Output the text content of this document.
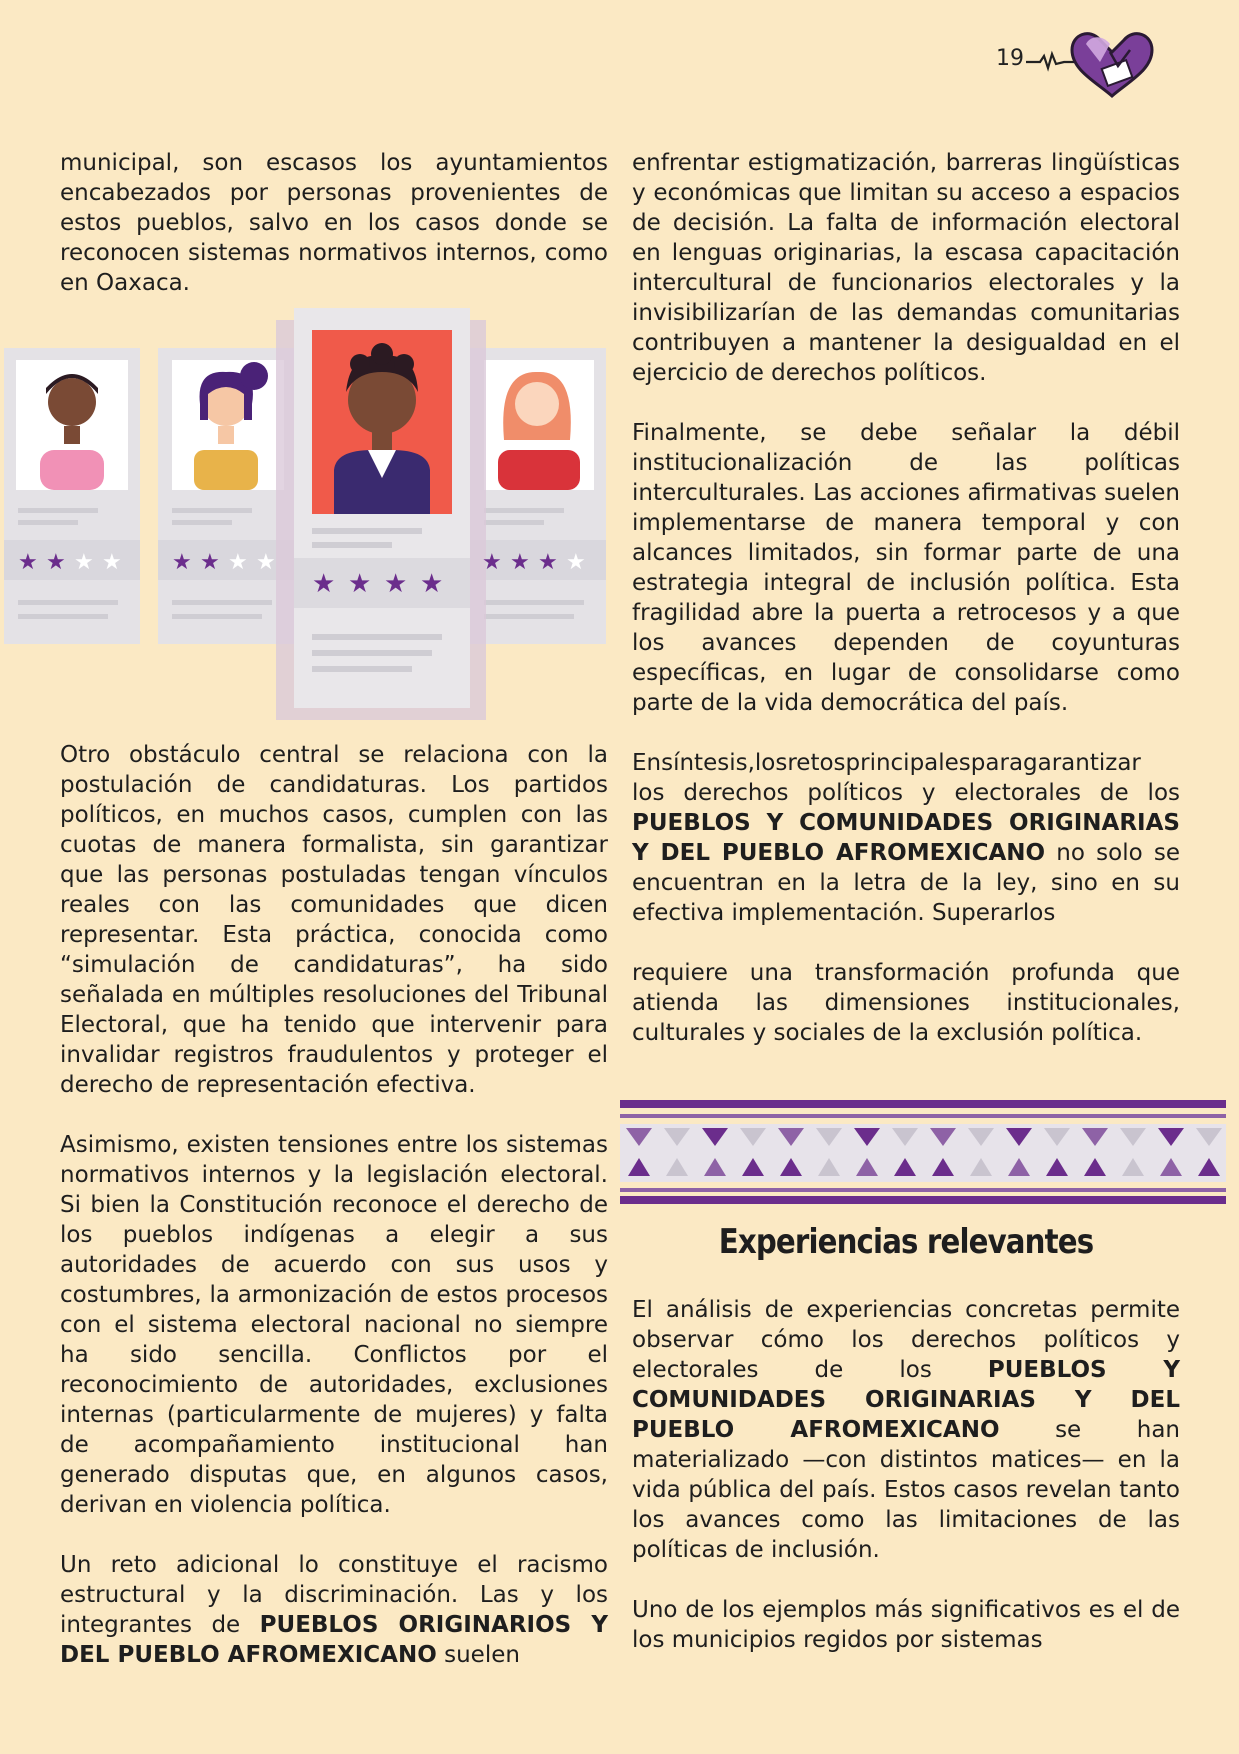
19

municipal, son escasos los ayuntamientos encabezados por personas provenientes de estos pueblos, salvo en los casos donde se reconocen sistemas normativos internos, como en Oaxaca.

★ ★ ★ ★ ★ ★ ★ ★
★ ★ ★ ★
★ ★ ★ ★

Otro obstáculo central se relaciona con la postulación de candidaturas. Los partidos políticos, en muchos casos, cumplen con las cuotas de manera formalista, sin garantizar que las personas postuladas tengan vínculos reales con las comunidades que dicen representar. Esta práctica, conocida como “simulación de candidaturas”, ha sido señalada en múltiples resoluciones del Tribunal Electoral, que ha tenido que intervenir para invalidar registros fraudulentos y proteger el derecho de representación efectiva.

Asimismo, existen tensiones entre los sistemas normativos internos y la legislación electoral. Si bien la Constitución reconoce el derecho de los pueblos indígenas a elegir a sus autoridades de acuerdo con sus usos y costumbres, la armonización de estos procesos con el sistema electoral nacional no siempre ha sido sencilla. Conflictos por el reconocimiento de autoridades, exclusiones internas (particularmente de mujeres) y falta de acompañamiento institucional han generado disputas que, en algunos casos, derivan en violencia política.

Un reto adicional lo constituye el racismo estructural y la discriminación. Las y los integrantes de PUEBLOS ORIGINARIOS Y DEL PUEBLO AFROMEXICANO suelen

enfrentar estigmatización, barreras lingüísticas y económicas que limitan su acceso a espacios de decisión. La falta de información electoral en lenguas originarias, la escasa capacitación intercultural de funcionarios electorales y la invisibilizarían de las demandas comunitarias contribuyen a mantener la desigualdad en el ejercicio de derechos políticos.

Finalmente, se debe señalar la débil institucionalización de las políticas interculturales. Las acciones afirmativas suelen implementarse de manera temporal y con alcances limitados, sin formar parte de una estrategia integral de inclusión política. Esta fragilidad abre la puerta a retrocesos y a que los avances dependen de coyunturas específicas, en lugar de consolidarse como parte de la vida democrática del país.

Ensíntesis,losretosprincipalesparagarantizar los derechos políticos y electorales de los PUEBLOS Y COMUNIDADES ORIGINARIAS Y DEL PUEBLO AFROMEXICANO no solo se encuentran en la letra de la ley, sino en su efectiva implementación. Superarlos

requiere una transformación profunda que atienda las dimensiones institucionales, culturales y sociales de la exclusión política.

Experiencias relevantes

El análisis de experiencias concretas permite observar cómo los derechos políticos y electorales de los PUEBLOS Y COMUNIDADES ORIGINARIAS Y DEL PUEBLO AFROMEXICANO se han materializado —con distintos matices— en la vida pública del país. Estos casos revelan tanto los avances como las limitaciones de las políticas de inclusión.

Uno de los ejemplos más significativos es el de los municipios regidos por sistemas
